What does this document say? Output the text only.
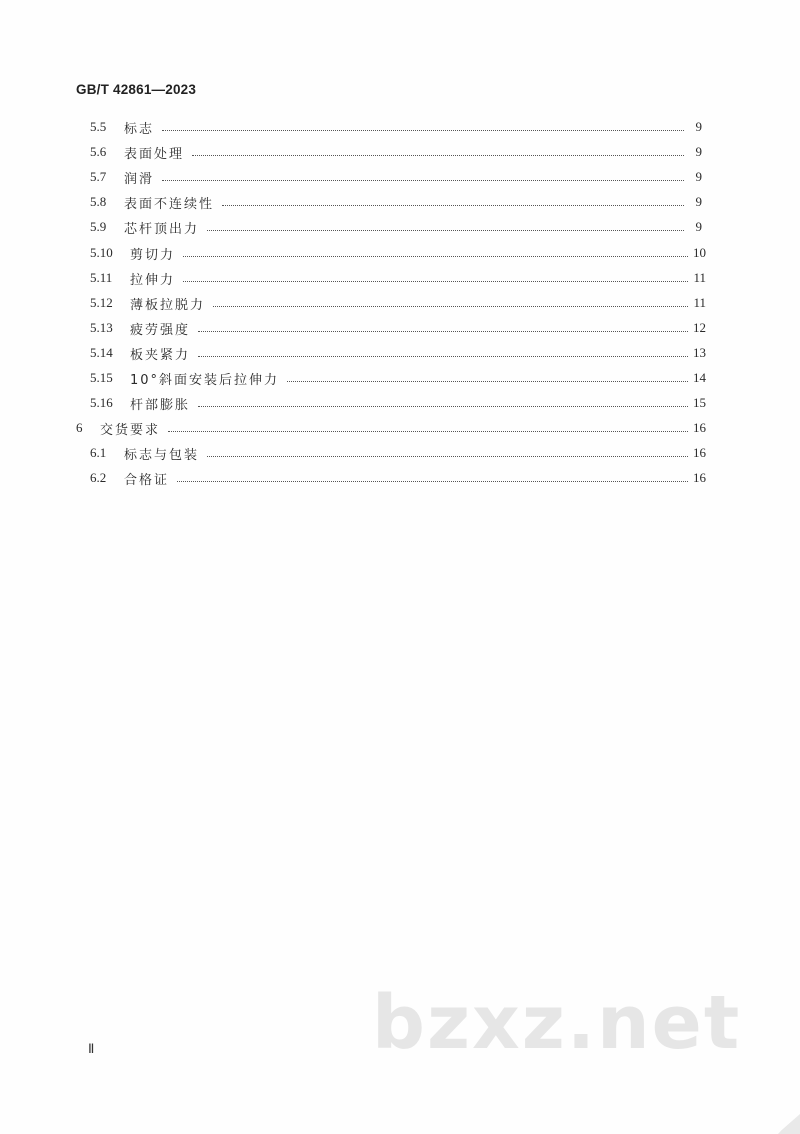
GB/T 42861—2023
5.5	标志	9
5.6	表面处理	9
5.7	润滑	9
5.8	表面不连续性	9
5.9	芯杆顶出力	9
5.10	剪切力	10
5.11	拉伸力	11
5.12	薄板拉脱力	11
5.13	疲劳强度	12
5.14	板夹紧力	13
5.15	10°斜面安装后拉伸力	14
5.16	杆部膨胀	15
6	交货要求	16
6.1	标志与包装	16
6.2	合格证	16
bzxz.net
Ⅱ
